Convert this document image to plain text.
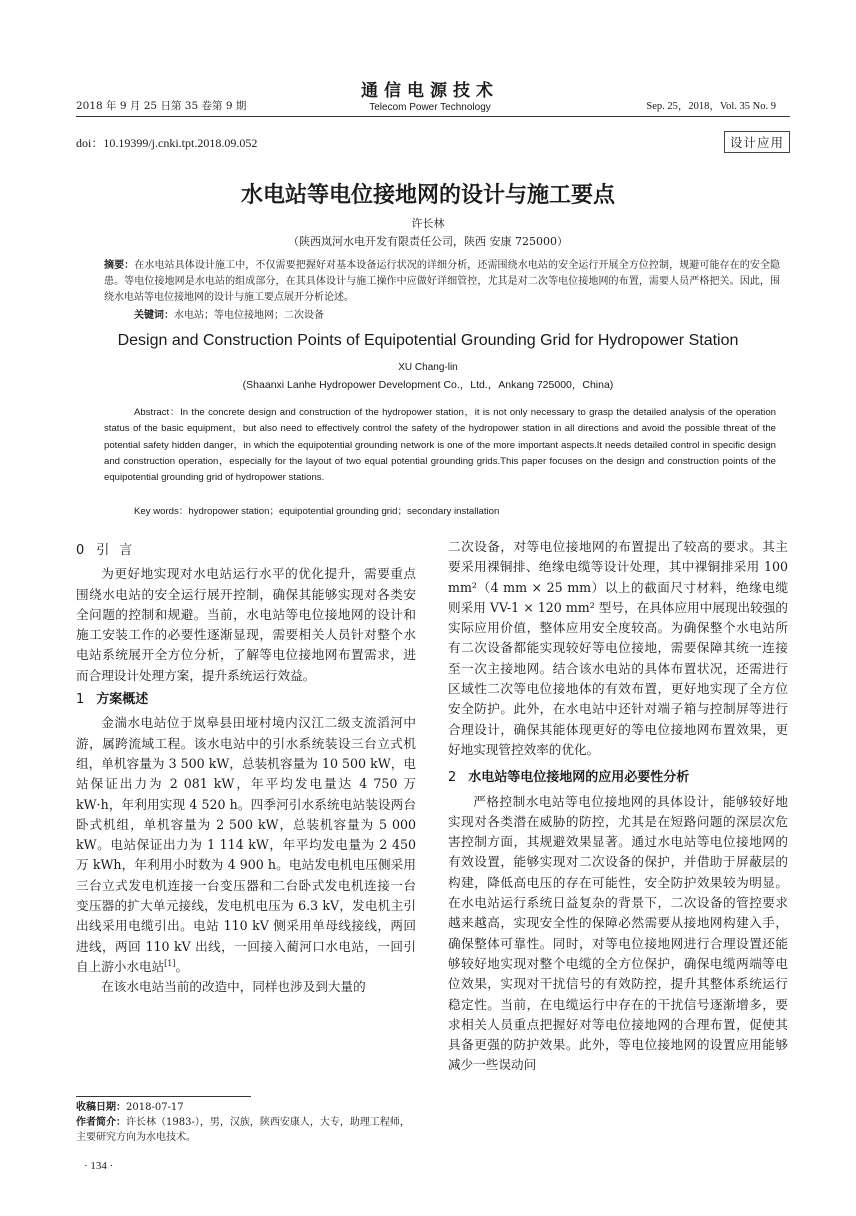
2018 年 9 月 25 日第 35 卷第 9 期
通信电源技术
Telecom Power Technology	Sep. 25，2018，Vol. 35 No. 9
doi：10.19399/j.cnki.tpt.2018.09.052	设计应用
水电站等电位接地网的设计与施工要点
许长林
（陕西岚河水电开发有限责任公司，陕西 安康 725000）
摘要：在水电站具体设计施工中，不仅需要把握好对基本设备运行状况的详细分析，还需围绕水电站的安全运行开展全方位控制，规避可能存在的安全隐患。等电位接地网是水电站的组成部分，在其具体设计与施工操作中应做好详细管控，尤其是对二次等电位接地网的布置，需要人员严格把关。因此，围绕水电站等电位接地网的设计与施工要点展开分析论述。
关键词：水电站；等电位接地网；二次设备
Design and Construction Points of Equipotential Grounding Grid for Hydropower Station
XU Chang-lin
(Shaanxi Lanhe Hydropower Development Co.，Ltd.，Ankang 725000，China)

Abstract：In the concrete design and construction of the hydropower station，it is not only necessary to grasp the detailed analysis of the operation status of the basic equipment，but also need to effectively control the safety of the hydropower station in all directions and avoid the possible threat of the potential safety hidden danger，in which the equipotential grounding network is one of the more important aspects.It needs detailed control in specific design and construction operation，especially for the layout of two equal potential grounding grids.This paper focuses on the design and construction points of the equipotential grounding grid of hydropower stations.

Key words：hydropower station；equipotential grounding grid；secondary installation
0 引言

为更好地实现对水电站运行水平的优化提升，需要重点围绕水电站的安全运行展开控制，确保其能够实现对各类安全问题的控制和规避。当前，水电站等电位接地网的设计和施工安装工作的必要性逐渐显现，需要相关人员针对整个水电站系统展开全方位分析，了解等电位接地网布置需求，进而合理设计处理方案，提升系统运行效益。

1 方案概述

金湍水电站位于岚皋县田垭村境内汉江二级支流滔河中游，属跨流域工程。该水电站中的引水系统装设三台立式机组，单机容量为 3 500 kW，总装机容量为 10 500 kW，电站保证出力为 2 081 kW，年平均发电量达 4 750 万 kW·h，年利用实现 4 520 h。四季河引水系统电站装设两台卧式机组，单机容量为 2 500 kW，总装机容量为 5 000 kW。电站保证出力为 1 114 kW，年平均发电量为 2 450 万 kWh，年利用小时数为 4 900 h。电站发电机电压侧采用三台立式发电机连接一台变压器和二台卧式发电机连接一台变压器的扩大单元接线，发电机电压为 6.3 kV，发电机主引出线采用电缆引出。电站 110 kV 侧采用单母线接线，两回进线，两回 110 kV 出线，一回接入蔺河口水电站，一回引自上游小水电站[1]。

在该水电站当前的改造中，同样也涉及到大量的

二次设备，对等电位接地网的布置提出了较高的要求。其主要采用裸铜排、绝缘电缆等设计处理，其中裸铜排采用 100 mm²（4 mm × 25 mm）以上的截面尺寸材料，绝缘电缆则采用 VV-1 × 120 mm² 型号，在具体应用中展现出较强的实际应用价值，整体应用安全度较高。为确保整个水电站所有二次设备都能实现较好等电位接地，需要保障其统一连接至一次主接地网。结合该水电站的具体布置状况，还需进行区域性二次等电位接地体的有效布置，更好地实现了全方位安全防护。此外，在水电站中还针对端子箱与控制屏等进行合理设计，确保其能体现更好的等电位接地网布置效果，更好地实现管控效率的优化。

2 水电站等电位接地网的应用必要性分析

严格控制水电站等电位接地网的具体设计，能够较好地实现对各类潜在威胁的防控，尤其是在短路问题的深层次危害控制方面，其规避效果显著。通过水电站等电位接地网的有效设置，能够实现对二次设备的保护，并借助于屏蔽层的构建，降低高电压的存在可能性，安全防护效果较为明显。在水电站运行系统日益复杂的背景下，二次设备的管控要求越来越高，实现安全性的保障必然需要从接地网构建入手，确保整体可靠性。同时，对等电位接地网进行合理设置还能够较好地实现对整个电缆的全方位保护，确保电缆两端等电位效果，实现对干扰信号的有效防控，提升其整体系统运行稳定性。当前，在电缆运行中存在的干扰信号逐渐增多，要求相关人员重点把握好对等电位接地网的合理布置，促使其具备更强的防护效果。此外，等电位接地网的设置应用能够减少一些误动问

收稿日期：2018-07-17
作者简介：许长林（1983-），男，汉族，陕西安康人，大专，助理工程师，主要研究方向为水电技术。
· 134 ·
